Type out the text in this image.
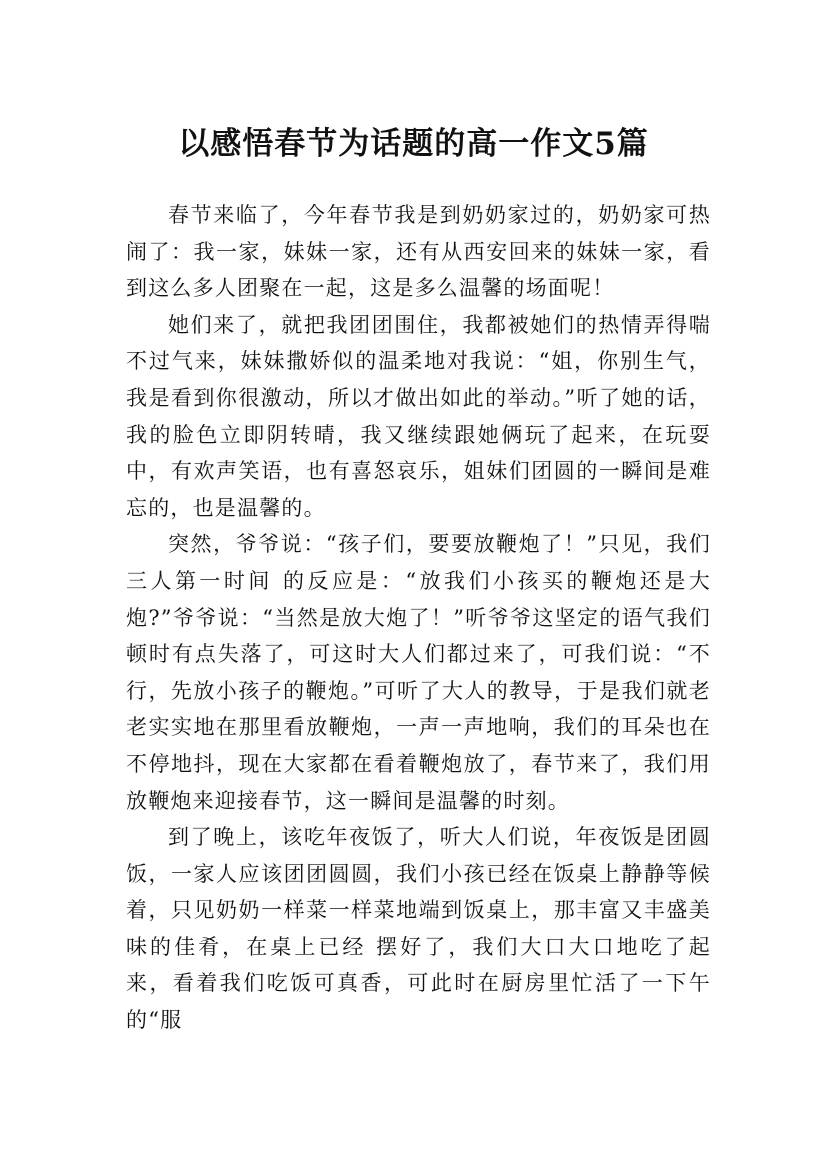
以感悟春节为话题的高一作文5篇

春节来临了，今年春节我是到奶奶家过的，奶奶家可热闹了：我一家，妹妹一家，还有从西安回来的妹妹一家，看到这么多人团聚在一起，这是多么温馨的场面呢！

她们来了，就把我团团围住，我都被她们的热情弄得喘不过气来，妹妹撒娇似的温柔地对我说：“姐，你别生气，我是看到你很激动，所以才做出如此的举动。”听了她的话，我的脸色立即阴转晴，我又继续跟她俩玩了起来，在玩耍中，有欢声笑语，也有喜怒哀乐，姐妹们团圆的一瞬间是难忘的，也是温馨的。

突然，爷爷说：“孩子们，要要放鞭炮了！”只见，我们三人第一时间 的反应是：“放我们小孩买的鞭炮还是大炮?”爷爷说：“当然是放大炮了！”听爷爷这坚定的语气我们顿时有点失落了，可这时大人们都过来了，可我们说：“不行，先放小孩子的鞭炮。”可听了大人的教导，于是我们就老老实实地在那里看放鞭炮，一声一声地响，我们的耳朵也在不停地抖，现在大家都在看着鞭炮放了，春节来了，我们用放鞭炮来迎接春节，这一瞬间是温馨的时刻。

到了晚上，该吃年夜饭了，听大人们说，年夜饭是团圆饭，一家人应该团团圆圆，我们小孩已经在饭桌上静静等候着，只见奶奶一样菜一样菜地端到饭桌上，那丰富又丰盛美味的佳肴，在桌上已经 摆好了，我们大口大口地吃了起来，看着我们吃饭可真香，可此时在厨房里忙活了一下午的“服
